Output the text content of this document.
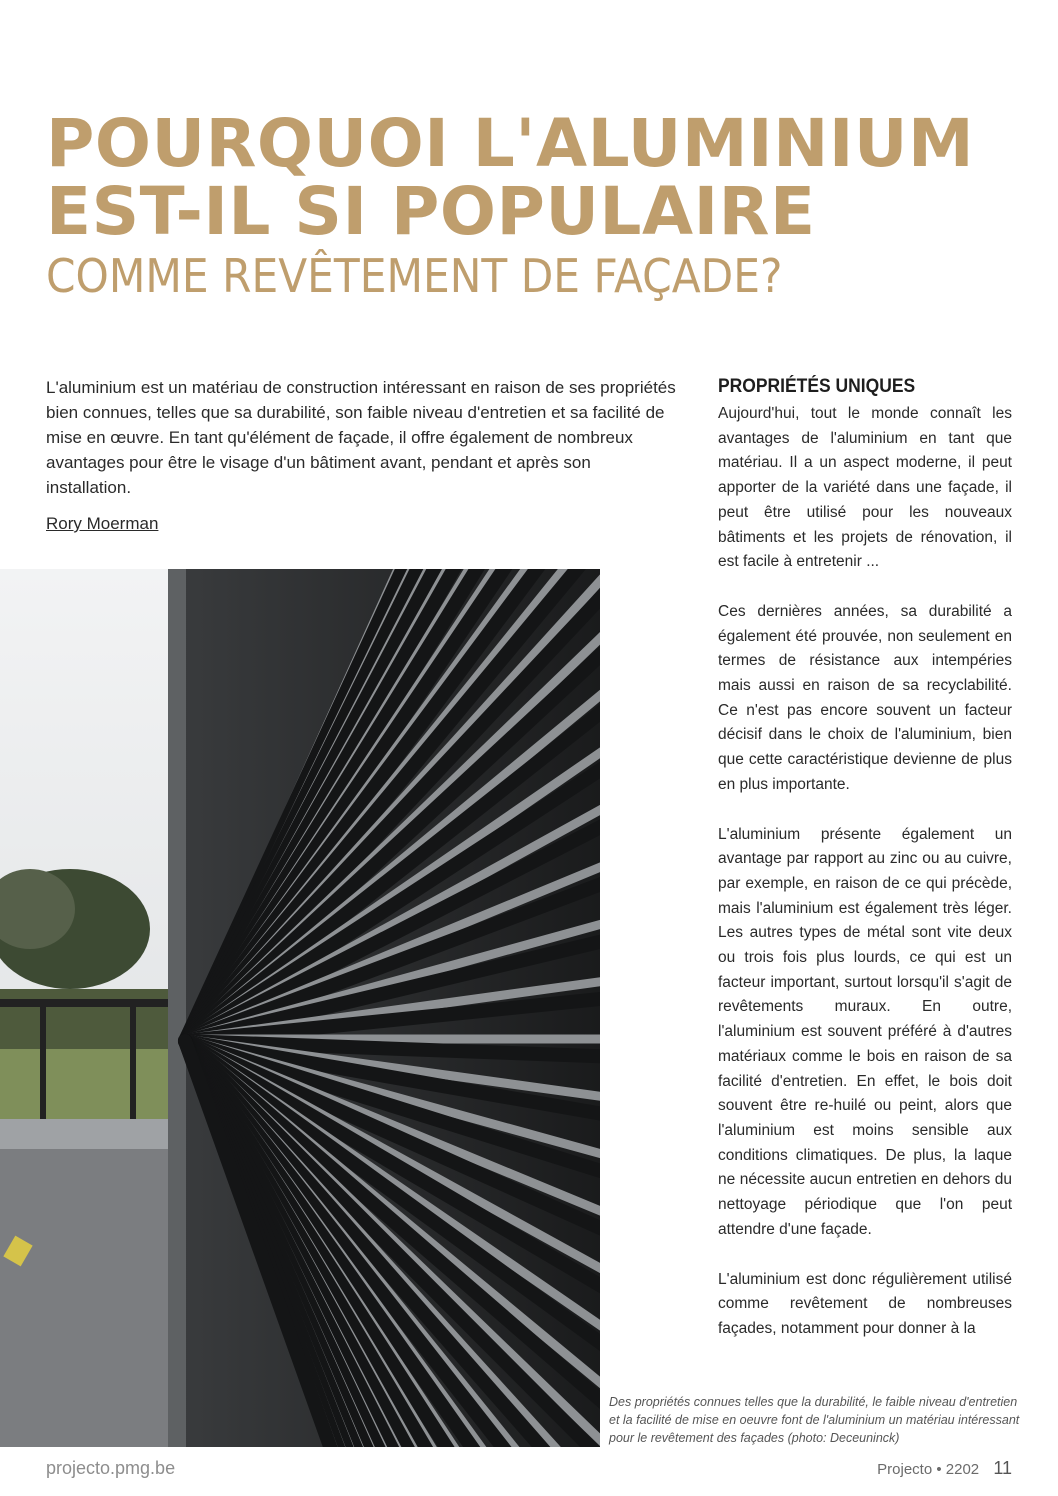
POURQUOI L'ALUMINIUM
EST-IL SI POPULAIRE
COMME REVÊTEMENT DE FAÇADE?

L'aluminium est un matériau de construction intéressant en raison de ses propriétés bien connues, telles que sa durabilité, son faible niveau d'entretien et sa facilité de mise en œuvre. En tant qu'élément de façade, il offre également de nombreux avantages pour être le visage d'un bâtiment avant, pendant et après son installation.

Rory Moerman
PROPRIÉTÉS UNIQUES

Aujourd'hui, tout le monde connaît les avantages de l'aluminium en tant que matériau. Il a un aspect moderne, il peut apporter de la variété dans une façade, il peut être utilisé pour les nouveaux bâtiments et les projets de rénovation, il est facile à entretenir ...

Ces dernières années, sa durabilité a également été prouvée, non seulement en termes de résistance aux intempéries mais aussi en raison de sa recyclabilité. Ce n'est pas encore souvent un facteur décisif dans le choix de l'aluminium, bien que cette caractéristique devienne de plus en plus importante.

L'aluminium présente également un avantage par rapport au zinc ou au cuivre, par exemple, en raison de ce qui précède, mais l'aluminium est également très léger. Les autres types de métal sont vite deux ou trois fois plus lourds, ce qui est un facteur important, surtout lorsqu'il s'agit de revêtements muraux. En outre, l'aluminium est souvent préféré à d'autres matériaux comme le bois en raison de sa facilité d'entretien. En effet, le bois doit souvent être re-huilé ou peint, alors que l'aluminium est moins sensible aux conditions climatiques. De plus, la laque ne nécessite aucun entretien en dehors du nettoyage périodique que l'on peut attendre d'une façade.

L'aluminium est donc régulièrement utilisé comme revêtement de nombreuses façades, notamment pour donner à la

Des propriétés connues telles que la durabilité, le faible niveau d'entretien et la facilité de mise en oeuvre font de l'aluminium un matériau intéressant pour le revêtement des façades (photo: Deceuninck)

projecto.pmg.be	Projecto • 2202 11
